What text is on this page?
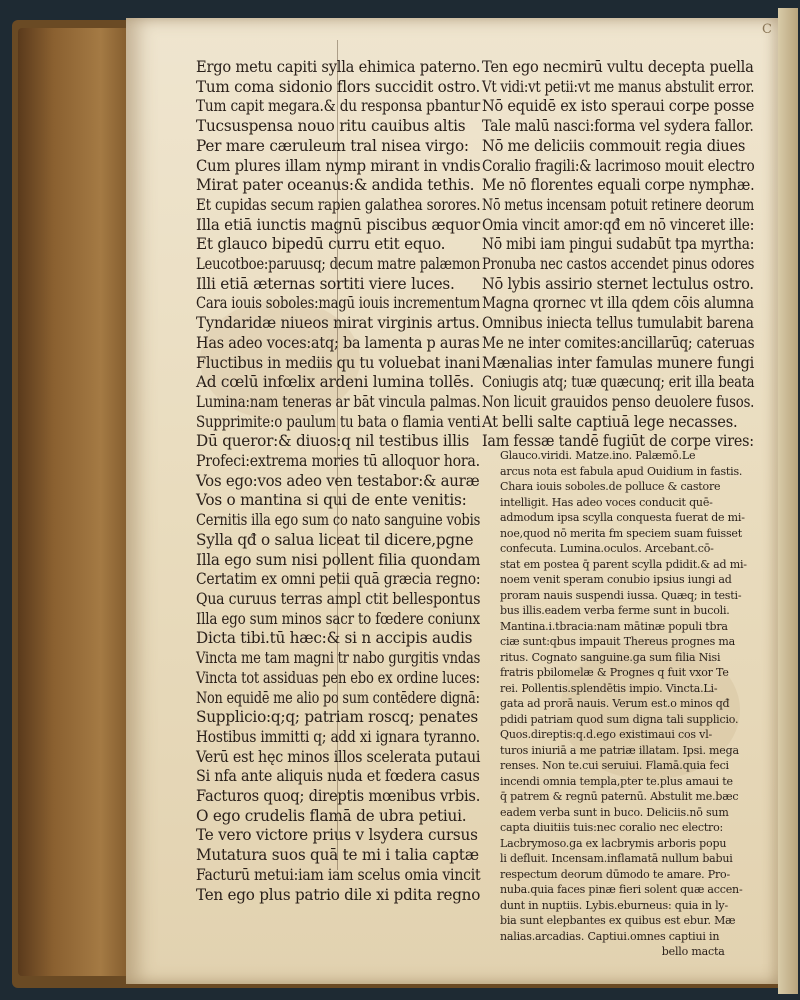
C
Ergo metu capiti sylla ehimica paterno.
Tum coma sidonio flors succidit ostro.
Tum capit megara.& du responsa pbantur
Tucsuspensa nouo ritu cauibus altis
Per mare cæruleum tral nisea virgo:
Cum plures illam nymp mirant in vndis
Mirat pater oceanus:& andida tethis.
Et cupidas secum rapien galathea sorores.
Illa etiā iunctis magnū piscibus æquor
Et glauco bipedū curru etit equo.
Leucotboe:paruusq; decum matre palæmon
Illi etiā æternas sortiti viere luces.
Cara iouis soboles:magū iouis incrementum
Tyndaridæ niueos mirat virginis artus.
Has adeo voces:atq; ba lamenta p auras
Fluctibus in mediis qu tu voluebat inani
Ad cœlū infœlix ardeni lumina tollēs.
Lumina:nam teneras ar bāt vincula palmas.
Supprimite:o paulum tu bata o flamia venti
Dū queror:& diuos:q nil testibus illis
Profeci:extrema mories tū alloquor hora.
Vos ego:vos adeo ven testabor:& auræ
Vos o mantina si qui de ente venitis:
Cernitis illa ego sum co nato sanguine vobis
Sylla qđ o salua liceat til dicere,pgne
Illa ego sum nisi pollent filia quondam
Certatim ex omni petii quā græcia regno:
Qua curuus terras ampl ctit bellespontus
Illa ego sum minos sacr to fœdere coniunx
Dicta tibi.tū hæc:& si n accipis audis
Vincta me tam magni tr nabo gurgitis vndas
Vincta tot assiduas pen ebo ex ordine luces:
Non equidē me alio po sum contēdere dignā:
Supplicio:q;q; patriam roscq; penates
Hostibus immitti q; add xi ignara tyranno.
Verū est hęc minos illos scelerata putaui
Si nfa ante aliquis nuda et fœdera casus
Facturos quoq; direptis mœnibus vrbis.
O ego crudelis flamā de ubra petiui.
Te vero victore prius v lsydera cursus
Mutatura suos quā te mi i talia captæ
Facturū metui:iam iam scelus omia vincit
Ten ego plus patrio dile xi pdita regno
Ten ego necmirū vultu decepta puella
Vt vidi:vt petii:vt me manus abstulit error.
Nō equidē ex isto speraui corpe posse
Tale malū nasci:forma vel sydera fallor.
Nō me deliciis commouit regia diues
Coralio fragili:& lacrimoso mouit electro
Me nō florentes equali corpe nymphæ.
Nō metus incensam potuit retinere deorum
Omia vincit amor:qđ em nō vinceret ille:
Nō mibi iam pingui sudabūt tpa myrtha:
Pronuba nec castos accendet pinus odores
Nō lybis assirio sternet lectulus ostro.
Magna qrornec vt illa qdem cōis alumna
Omnibus iniecta tellus tumulabit barena
Me ne inter comites:ancillarūq; cateruas
Mænalias inter famulas munere fungi
Coniugis atq; tuæ quæcunq; erit illa beata
Non licuit grauidos penso deuolere fusos.
At belli salte captiuā lege necasses.
Iam fessæ tandē fugiūt de corpe vires:
Glauco.viridi. Matze.ino. Palæmō.Le
arcus nota est fabula apud Ouidium in fastis.
Chara iouis soboles.de polluce & castore
intelligit. Has adeo voces conducit quē-
admodum ipsa scylla conquesta fuerat de mi-
noe,quod nō merita fm speciem suam fuisset
confecuta. Lumina.oculos. Arcebant.cō-
stat em postea q̄ parent scylla pdidit.& ad mi-
noem venit speram conubio ipsius iungi ad
proram nauis suspendi iussa. Quæq; in testi-
bus illis.eadem verba ferme sunt in bucoli.
Mantina.i.tbracia:nam mātinæ populi tbra
ciæ sunt:qbus impauit Thereus prognes ma
ritus. Cognato sanguine.ga sum filia Nisi
fratris pbilomelæ & Prognes q fuit vxor Te
rei. Pollentis.splendētis impio. Vincta.Li-
gata ad prorā nauis. Verum est.o minos qđ
pdidi patriam quod sum digna tali supplicio.
Quos.direptis:q.d.ego existimaui cos vl-
turos iniuriā a me patriæ illatam. Ipsi. mega
renses. Non te.cui seruiui. Flamā.quia feci
incendi omnia templa,pter te.plus amaui te
q̄ patrem & regnū paternū. Abstulit me.bæc
eadem verba sunt in buco. Deliciis.nō sum
capta diuitiis tuis:nec coralio nec electro:
Lacbrymoso.ga ex lacbrymis arboris popu
li defluit. Incensam.inflamatā nullum babui
respectum deorum dūmodo te amare. Pro-
nuba.quia faces pinæ fieri solent quæ accen-
dunt in nuptiis. Lybis.eburneus: quia in ly-
bia sunt elepbantes ex quibus est ebur. Mæ
nalias.arcadias. Captiui.omnes captiui in
bello macta
